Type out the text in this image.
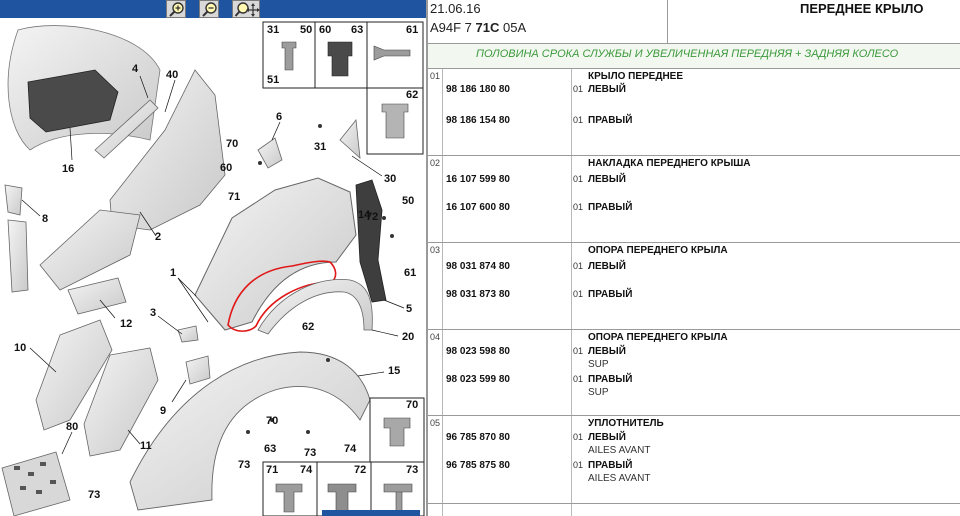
16
4	40
1
2
3	5
6
8
9
10
11
12
14
15
20
30
31 50
51
60	61
62
63
70
71	72	73
74
80
31
70
60
71
72
50
61
62
63
70
73
73
73
74
21.06.16
A94F 7 71C 05A
ПЕРЕДНЕЕ КРЫЛО
ПОЛОВИНА СРОКА СЛУЖБЫ И УВЕЛИЧЕННАЯ ПЕРЕДНЯЯ + ЗАДНЯЯ КОЛЕСО
01	КРЫЛО ПЕРЕДНЕЕ
98 186 180 80	01 ЛЕВЫЙ
98 186 154 80	01 ПРАВЫЙ
02	НАКЛАДКА ПЕРЕДНЕГО КРЫША
16 107 599 80	01 ЛЕВЫЙ
16 107 600 80	01 ПРАВЫЙ
03	ОПОРА ПЕРЕДНЕГО КРЫЛА
98 031 874 80	01 ЛЕВЫЙ
98 031 873 80	01 ПРАВЫЙ
04	ОПОРА ПЕРЕДНЕГО КРЫЛА
98 023 598 80	01 ЛЕВЫЙ
SUP
98 023 599 80	01 ПРАВЫЙ
SUP
05	УПЛОТНИТЕЛЬ
96 785 870 80	01 ЛЕВЫЙ
AILES AVANT
96 785 875 80	01 ПРАВЫЙ
AILES AVANT
